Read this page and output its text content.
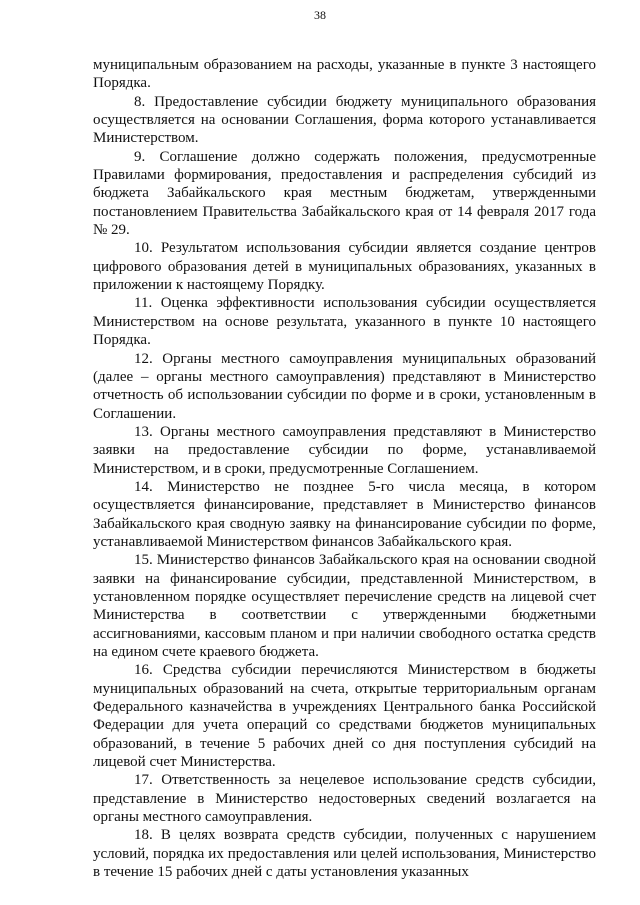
38

муниципальным образованием на расходы, указанные в пункте 3 настоящего Порядка.

8. Предоставление субсидии бюджету муниципального образования осуществляется на основании Соглашения, форма которого устанавливается Министерством.

9. Соглашение должно содержать положения, предусмотренные Правилами формирования, предоставления и распределения субсидий из бюджета Забайкальского края местным бюджетам, утвержденными постановлением Правительства Забайкальского края от 14 февраля 2017 года № 29.

10. Результатом использования субсидии является создание центров цифрового образования детей в муниципальных образованиях, указанных в приложении к настоящему Порядку.

11. Оценка эффективности использования субсидии осуществляется Министерством на основе результата, указанного в пункте 10 настоящего Порядка.

12. Органы местного самоуправления муниципальных образований (далее – органы местного самоуправления) представляют в Министерство отчетность об использовании субсидии по форме и в сроки, установленным в Соглашении.

13. Органы местного самоуправления представляют в Министерство заявки на предоставление субсидии по форме, устанавливаемой Министерством, и в сроки, предусмотренные Соглашением.

14. Министерство не позднее 5-го числа месяца, в котором осуществляется финансирование, представляет в Министерство финансов Забайкальского края сводную заявку на финансирование субсидии по форме, устанавливаемой Министерством финансов Забайкальского края.

15. Министерство финансов Забайкальского края на основании сводной заявки на финансирование субсидии, представленной Министерством, в установленном порядке осуществляет перечисление средств на лицевой счет Министерства в соответствии с утвержденными бюджетными ассигнованиями, кассовым планом и при наличии свободного остатка средств на едином счете краевого бюджета.

16. Средства субсидии перечисляются Министерством в бюджеты муниципальных образований на счета, открытые территориальным органам Федерального казначейства в учреждениях Центрального банка Российской Федерации для учета операций со средствами бюджетов муниципальных образований, в течение 5 рабочих дней со дня поступления субсидий на лицевой счет Министерства.

17. Ответственность за нецелевое использование средств субсидии, представление в Министерство недостоверных сведений возлагается на органы местного самоуправления.

18. В целях возврата средств субсидии, полученных с нарушением условий, порядка их предоставления или целей использования, Министерство в течение 15 рабочих дней с даты установления указанных
